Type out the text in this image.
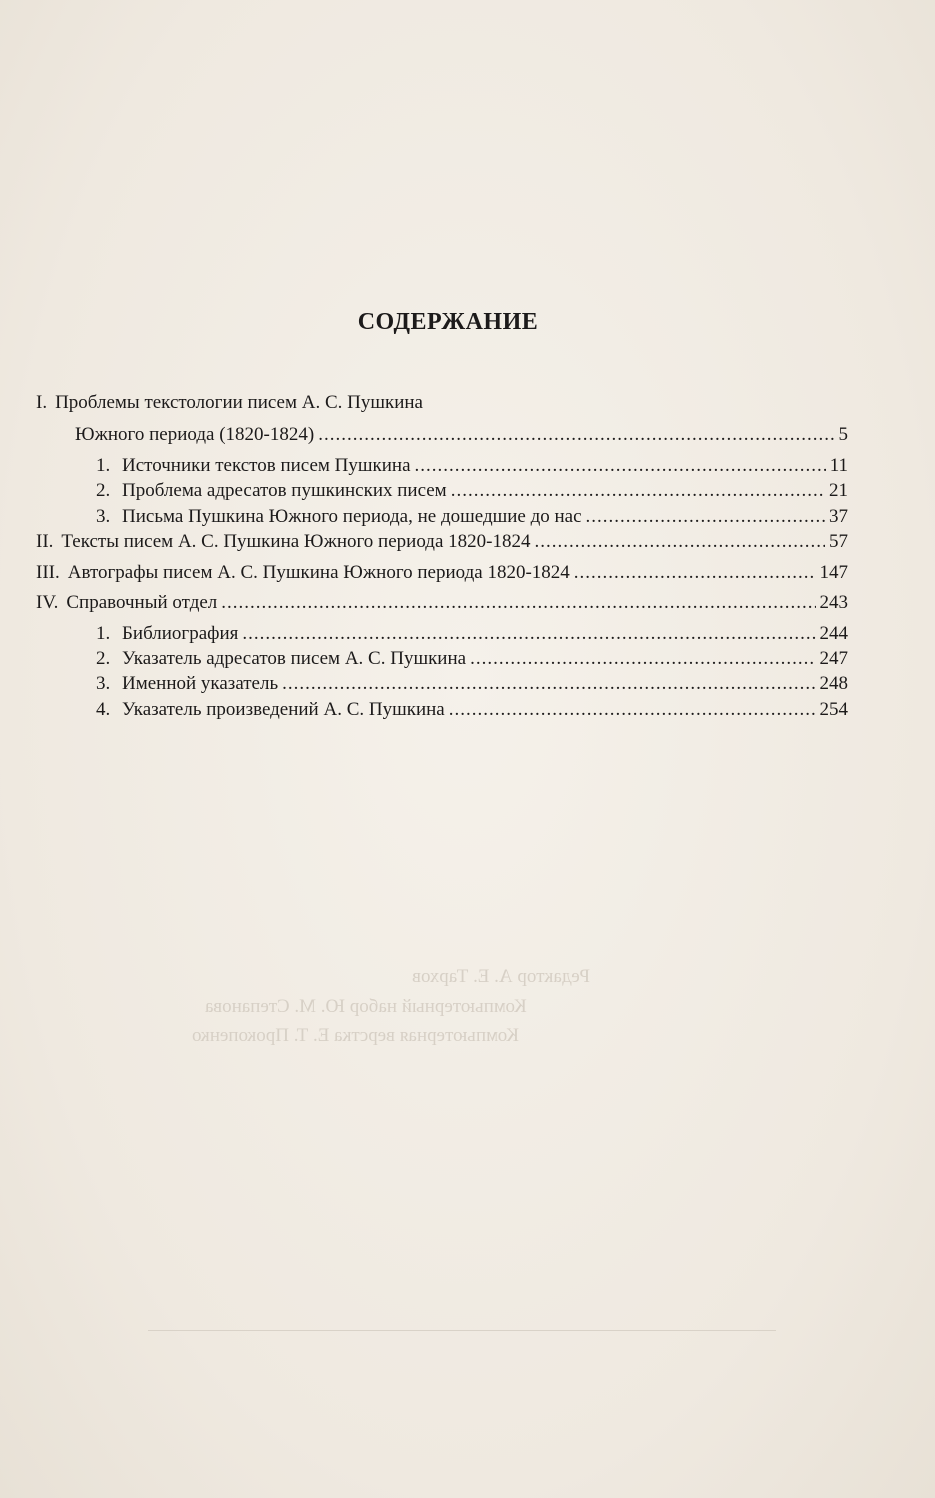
СОДЕРЖАНИЕ
I. Проблемы текстологии писем А. С. Пушкина
Южного периода (1820-1824) .....	5
1. Источники текстов писем Пушкина .....	11
2. Проблема адресатов пушкинских писем .....	21
3. Письма Пушкина Южного периода, не дошедшие до нас .....	37
II. Тексты писем А. С. Пушкина Южного периода 1820-1824 .....	57
III. Автографы писем А. С. Пушкина Южного периода 1820-1824 .....	147
IV. Справочный отдел .....	243
1. Библиография .....	244
2. Указатель адресатов писем А. С. Пушкина .....	247
3. Именной указатель .....	248
4. Указатель произведений А. С. Пушкина .....	254
Редактор А. Е. Тархов
Компьютерный набор Ю. М. Степанова
Компьютерная верстка Е. Т. Прокопенко
